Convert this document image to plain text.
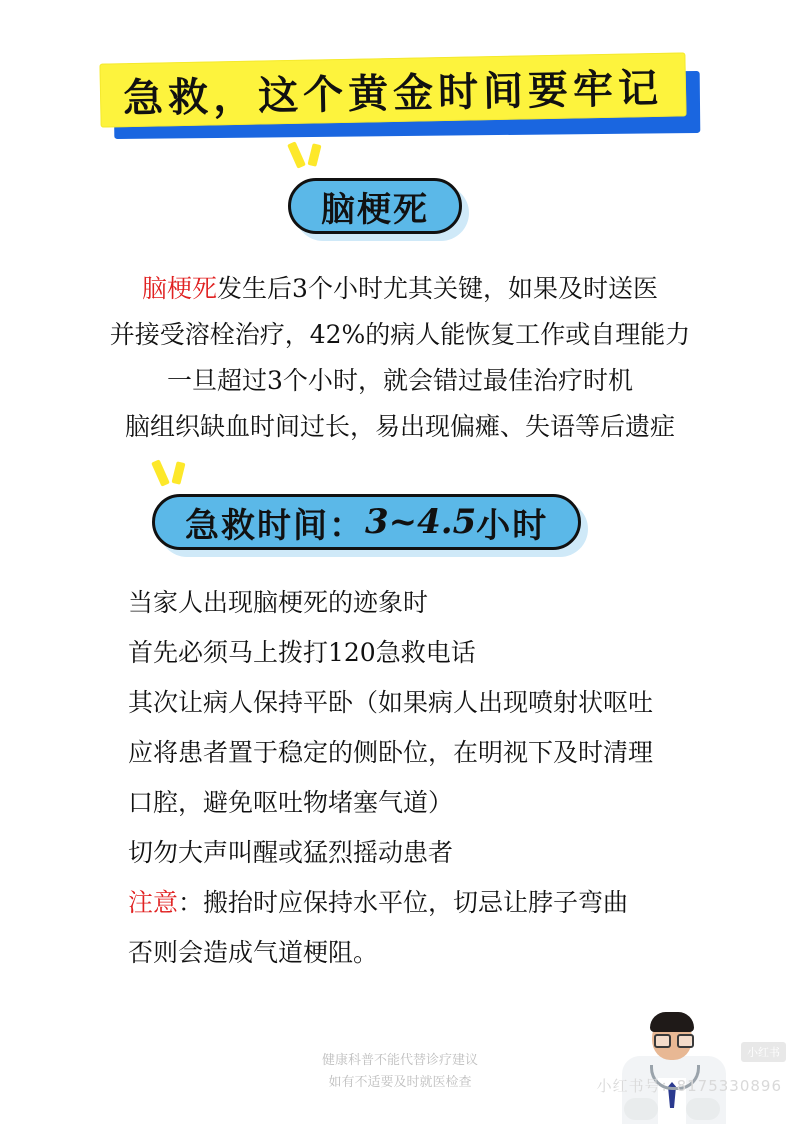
急救，这个黄金时间要牢记
脑梗死
脑梗死发生后3个小时尤其关键，如果及时送医
并接受溶栓治疗，42%的病人能恢复工作或自理能力
一旦超过3个小时，就会错过最佳治疗时机
脑组织缺血时间过长，易出现偏瘫、失语等后遗症
急救时间： 3~4.5 小时
当家人出现脑梗死的迹象时
首先必须马上拨打120急救电话
其次让病人保持平卧（如果病人出现喷射状呕吐
应将患者置于稳定的侧卧位，在明视下及时清理
口腔，避免呕吐物堵塞气道）
切勿大声叫醒或猛烈摇动患者
注意：搬抬时应保持水平位，切忌让脖子弯曲
否则会造成气道梗阻。
小红书
健康科普不能代替诊疗建议
如有不适要及时就医检查	小红书号：8175330896
